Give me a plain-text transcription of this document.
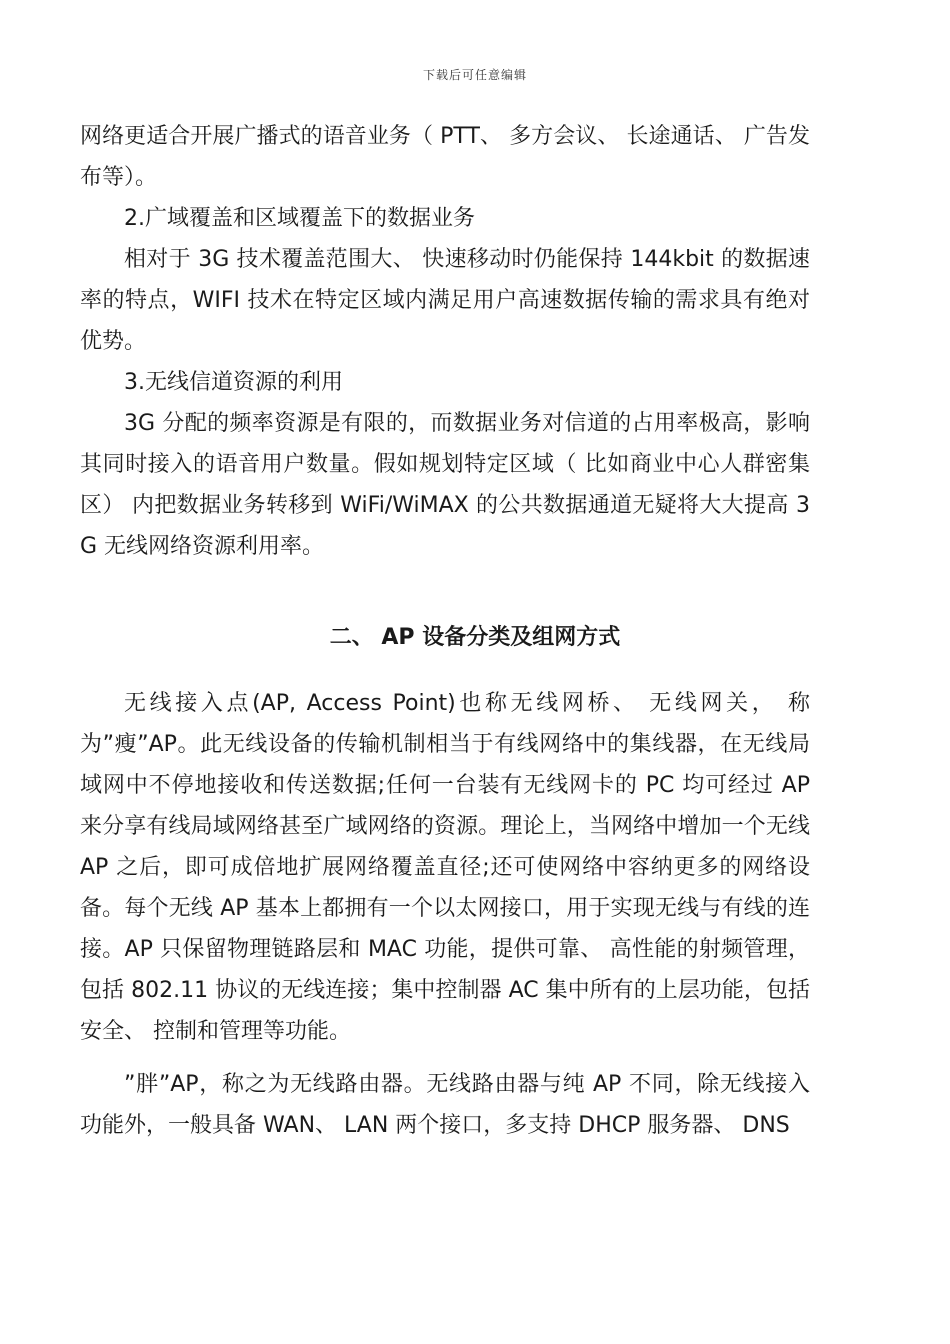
下载后可任意编辑

网络更适合开展广播式的语音业务（ PTT、 多方会议、 长途通话、 广告发布等）。

2.广域覆盖和区域覆盖下的数据业务

相对于 3G 技术覆盖范围大、 快速移动时仍能保持 144kbit 的数据速率的特点，WIFI 技术在特定区域内满足用户高速数据传输的需求具有绝对优势。

3.无线信道资源的利用

3G 分配的频率资源是有限的，而数据业务对信道的占用率极高，影响其同时接入的语音用户数量。假如规划特定区域（ 比如商业中心人群密集区） 内把数据业务转移到 WiFi/WiMAX 的公共数据通道无疑将大大提高 3G 无线网络资源利用率。

二、 AP 设备分类及组网方式

无线接入点(AP, Access Point)也称无线网桥、 无线网关， 称为”瘦”AP。此无线设备的传输机制相当于有线网络中的集线器，在无线局域网中不停地接收和传送数据;任何一台装有无线网卡的 PC 均可经过 AP 来分享有线局域网络甚至广域网络的资源。理论上，当网络中增加一个无线 AP 之后，即可成倍地扩展网络覆盖直径;还可使网络中容纳更多的网络设备。每个无线 AP 基本上都拥有一个以太网接口，用于实现无线与有线的连接。AP 只保留物理链路层和 MAC 功能，提供可靠、 高性能的射频管理，包括 802.11 协议的无线连接；集中控制器 AC 集中所有的上层功能，包括安全、 控制和管理等功能。

”胖”AP，称之为无线路由器。无线路由器与纯 AP 不同，除无线接入功能外，一般具备 WAN、 LAN 两个接口，多支持 DHCP 服务器、 DNS
